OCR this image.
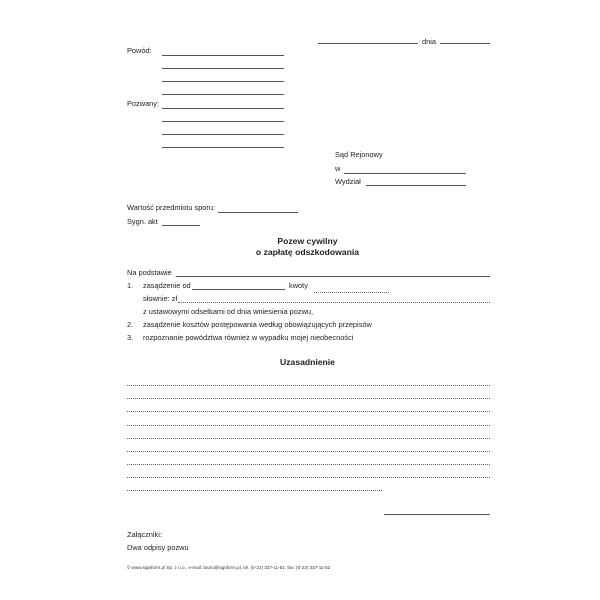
dnia
Powód:
Pozwany:
Sąd Rejonowy
w
Wydział
Wartość przedmiotu sporu:
Sygn. akt
Pozew cywilny
o zapłatę odszkodowania
Na podstawie
1. zasądzenie od	kwoty
słownie: zł
z ustawowymi odsetkami od dnia wniesienia pozwu,
2. zasądzenie kosztów postępowania według obowiązujących przepisów
3. rozpoznanie powództwa również w wypadku mojej nieobecności
Uzasadnienie
Załączniki:
Dwa odpisy pozwu
© www.signform.pl Sp. z o.o., e-mail: biuro@signform.pl, tel. (0-22) 337-11-51, fax: (0-22) 337-11-52
